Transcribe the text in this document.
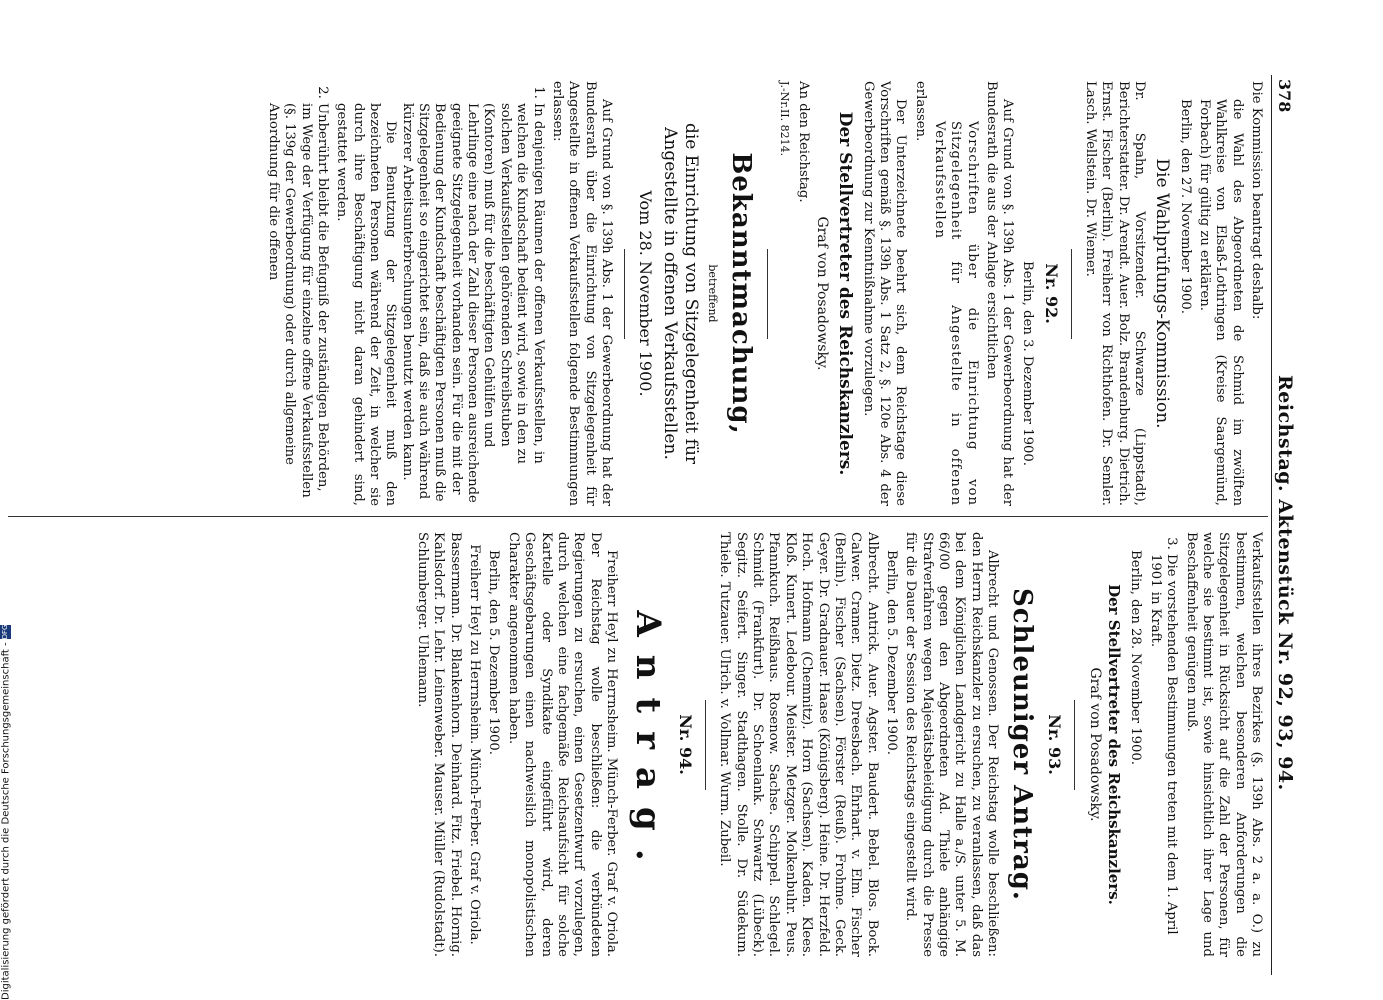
378
Reichstag. Aktenstück Nr. 92, 93, 94.

Die Kommission beantragt deshalb:

die Wahl des Abgeordneten de Schmid im zwölften Wahlkreise von Elsaß-Lothringen (Kreise Saargemünd, Forbach) für gültig zu erklären.

Berlin, den 27. November 1900.

Die Wahlprüfungs-Kommission.

Dr. Spahn, Vorsitzender. Schwarze (Lippstadt), Berichterstatter. Dr. Arendt. Auer. Bolz. Brandenburg. Dietrich. Ernst. Fischer (Berlin). Freiherr von Richthofen. Dr. Semler. Lasch. Wellstein. Dr. Wiemer.

Nr. 92.

Berlin, den 3. Dezember 1900.

Auf Grund von §. 139h Abs. 1 der Gewerbeordnung hat der Bundesrath die aus der Anlage ersichtlichen

Vorschriften über die Einrichtung von Sitzgelegenheit für Angestellte in offenen Verkaufsstellen

erlassen.

Der Unterzeichnete beehrt sich, dem Reichstage diese Vorschriften gemäß §. 139h Abs. 1 Satz 2, §. 120e Abs. 4 der Gewerbeordnung zur Kenntnißnahme vorzulegen.

Der Stellvertreter des Reichskanzlers.

Graf von Posadowsky.

An den Reichstag.

J.-Nr.II. 8214.

Bekanntmachung,

betreffend

die Einrichtung von Sitzgelegenheit für Angestellte in offenen Verkaufsstellen.

Vom 28. November 1900.

Auf Grund von §. 139h Abs. 1 der Gewerbeordnung hat der Bundesrath über die Einrichtung von Sitzgelegenheit für Angestellte in offenen Verkaufsstellen folgende Bestimmungen erlassen:

1. In denjenigen Räumen der offenen Verkaufsstellen, in welchen die Kundschaft bedient wird, sowie in den zu solchen Verkaufsstellen gehörenden Schreibstuben (Kontoren) muß für die beschäftigten Gehülfen und Lehrlinge eine nach der Zahl dieser Personen ausreichende geeignete Sitzgelegenheit vorhanden sein. Für die mit der Bedienung der Kundschaft beschäftigten Personen muß die Sitzgelegenheit so eingerichtet sein, daß sie auch während kürzerer Arbeitsunterbrechungen benutzt werden kann.

Die Benutzung der Sitzgelegenheit muß den bezeichneten Personen während der Zeit, in welcher sie durch ihre Beschäftigung nicht daran gehindert sind, gestattet werden.

2. Unberührt bleibt die Befugniß der zuständigen Behörden, im Wege der Verfügung für einzelne offene Verkaufsstellen (§. 139g der Gewerbeordnung) oder durch allgemeine Anordnung für die offenen

Verkaufsstellen ihres Bezirkes (§. 139h Abs. 2 a. a. O.) zu bestimmen, welchen besonderen Anforderungen die Sitzgelegenheit in Rücksicht auf die Zahl der Personen, für welche sie bestimmt ist, sowie hinsichtlich ihrer Lage und Beschaffenheit genügen muß.

3. Die vorstehenden Bestimmungen treten mit dem 1. April 1901 in Kraft.

Berlin, den 28. November 1900.

Der Stellvertreter des Reichskanzlers.

Graf von Posadowsky.

Nr. 93.

Schleuniger Antrag.

Albrecht und Genossen. Der Reichstag wolle beschließen: den Herrn Reichskanzler zu ersuchen, zu veranlassen, daß das bei dem Königlichen Landgericht zu Halle a./S. unter 5. M. 66/00 gegen den Abgeordneten Ad. Thiele anhängige Strafverfahren wegen Majestätsbeleidigung durch die Presse für die Dauer der Session des Reichstags eingestellt wird.

Berlin, den 5. Dezember 1900.

Albrecht. Antrick. Auer. Agster. Baudert. Bebel. Blos. Bock. Calwer. Cramer. Dietz. Dreesbach. Ehrhart. v. Elm. Fischer (Berlin). Fischer (Sachsen). Förster (Reuß). Frohme. Geck. Geyer. Dr. Gradnauer. Haase (Königsberg). Heine. Dr. Herzfeld. Hoch. Hofmann (Chemnitz). Horn (Sachsen). Kaden. Klees. Kloß. Kunert. Ledebour. Meister. Metzger. Molkenbuhr. Peus. Pfannkuch. Reißhaus. Rosenow. Sachse. Schippel. Schlegel. Schmidt (Frankfurt). Dr. Schoenlank. Schwartz (Lübeck). Segitz. Seifert. Singer. Stadthagen. Stolle. Dr. Südekum. Thiele. Tutzauer. Ulrich. v. Vollmar. Wurm. Zubeil.

Nr. 94.

Antrag.

Freiherr Heyl zu Herrnsheim. Münch-Ferber. Graf v. Oriola. Der Reichstag wolle beschließen: die verbündeten Regierungen zu ersuchen, einen Gesetzentwurf vorzulegen, durch welchen eine fachgemäße Reichsaufsicht für solche Kartelle oder Syndikate eingeführt wird, deren Geschäftsgebarungen einen nachweislich monopolistischen Charakter angenommen haben.

Berlin, den 5. Dezember 1900.

Freiherr Heyl zu Herrnsheim. Münch-Ferber. Graf v. Oriola.

Bassermann. Dr. Blankenhorn. Deinhard. Fitz. Friebel. Hornig. Kahlsdorf. Dr. Lehr. Leinenweber. Mauser. Müller (Rudolstadt). Schlumberger. Uhlemann.

Digitalisierung gefördert durch die Deutsche Forschungsgemeinschaft -DFG
